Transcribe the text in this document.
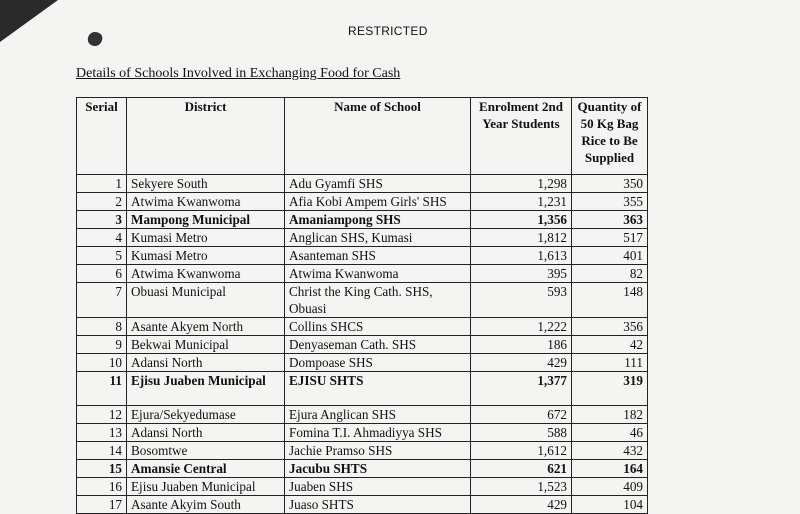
RESTRICTED
Details of Schools Involved in Exchanging Food for Cash
Serial	District	Name of School	Enrolment 2nd Year Students	Quantity of 50 Kg Bag Rice to Be Supplied
1	Sekyere South	Adu Gyamfi SHS	1,298	350
2	Atwima Kwanwoma	Afia Kobi Ampem Girls' SHS	1,231	355
3	Mampong Municipal	Amaniampong SHS	1,356	363
4	Kumasi Metro	Anglican SHS, Kumasi	1,812	517
5	Kumasi Metro	Asanteman SHS	1,613	401
6	Atwima Kwanwoma	Atwima Kwanwoma	395	82
7	Obuasi Municipal	Christ the King Cath. SHS, Obuasi	593	148
8	Asante Akyem North	Collins SHCS	1,222	356
9	Bekwai Municipal	Denyaseman Cath. SHS	186	42
10	Adansi North	Dompoase SHS	429	111
11	Ejisu Juaben Municipal	EJISU SHTS	1,377	319
12	Ejura/Sekyedumase	Ejura Anglican SHS	672	182
13	Adansi North	Fomina T.I. Ahmadiyya SHS	588	46
14	Bosomtwe	Jachie Pramso SHS	1,612	432
15	Amansie Central	Jacubu SHTS	621	164
16	Ejisu Juaben Municipal	Juaben SHS	1,523	409
17	Asante Akyim South	Juaso SHTS	429	104
